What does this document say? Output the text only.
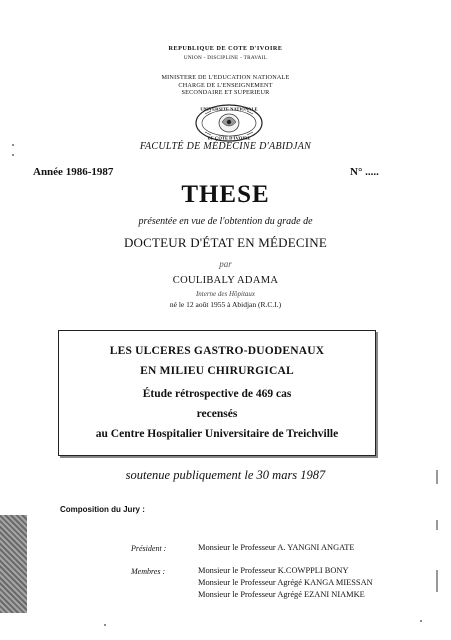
REPUBLIQUE DE COTE D'IVOIRE
UNION - DISCIPLINE - TRAVAIL
MINISTERE DE L'EDUCATION NATIONALE
CHARGE DE L'ENSEIGNEMENT
SECONDAIRE ET SUPERIEUR
UNIVERSITE NATIONALE
DE COTE D'IVOIRE
FACULTÉ DE MÉDECINE D'ABIDJAN
Année 1986-1987	N° .....
THESE
présentée en vue de l'obtention du grade de
DOCTEUR D'ÉTAT EN MÉDECINE
par
COULIBALY ADAMA
Interne des Hôpitaux
né le 12 août 1955 à Abidjan (R.C.I.)
LES ULCERES GASTRO-DUODENAUX
EN MILIEU CHIRURGICAL
Étude rétrospective de 469 cas
recensés
au Centre Hospitalier Universitaire de Treichville
soutenue publiquement le 30 mars 1987
Composition du Jury :
Président :	Monsieur le Professeur A. YANGNI ANGATE
Membres :	Monsieur le Professeur K.COWPPLI BONY
Monsieur le Professeur Agrégé KANGA MIESSAN
Monsieur le Professeur Agrégé EZANI NIAMKE
